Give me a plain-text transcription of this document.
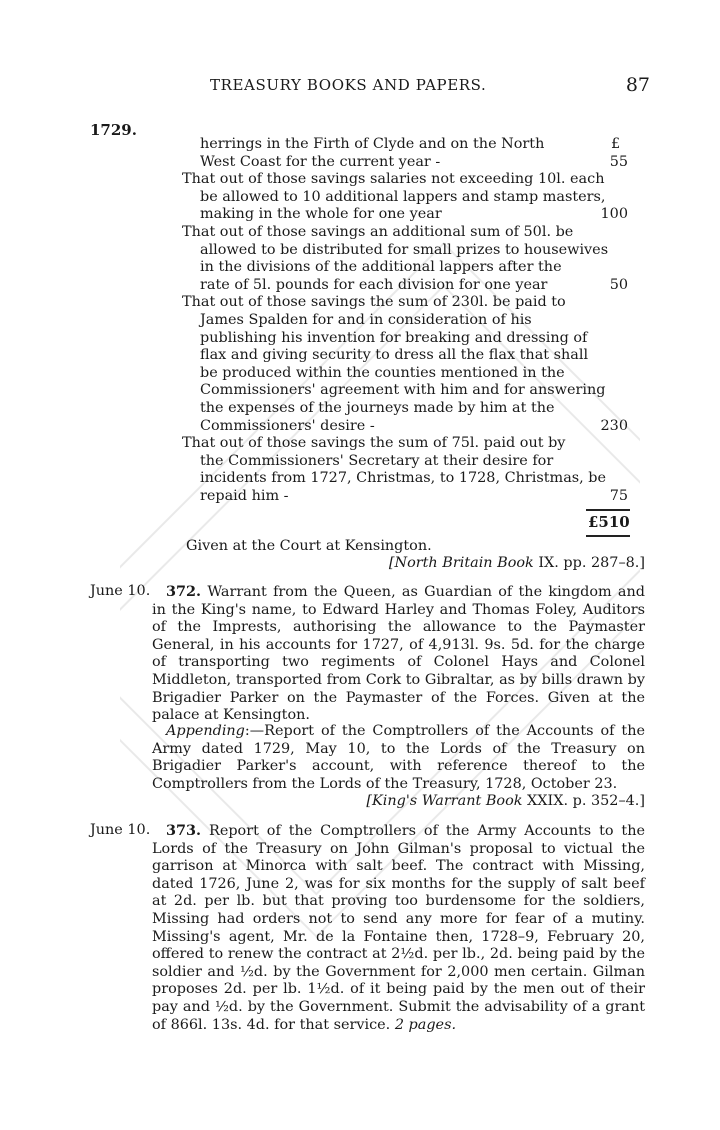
TREASURY BOOKS AND PAPERS.	87
1729.
herrings in the Firth of Clyde and on the North
West Coast for the current year -	55
That out of those savings salaries not exceeding 10l. each
be allowed to 10 additional lappers and stamp masters,
making in the whole for one year	100
That out of those savings an additional sum of 50l. be
allowed to be distributed for small prizes to housewives
in the divisions of the additional lappers after the
rate of 5l. pounds for each division for one year	50
That out of those savings the sum of 230l. be paid to
James Spalden for and in consideration of his
publishing his invention for breaking and dressing of
flax and giving security to dress all the flax that shall
be produced within the counties mentioned in the
Commissioners' agreement with him and for answering
the expenses of the journeys made by him at the
Commissioners' desire -	230
That out of those savings the sum of 75l. paid out by
the Commissioners' Secretary at their desire for
incidents from 1727, Christmas, to 1728, Christmas, be
repaid him -	75
£
£510
Given at the Court at Kensington.
[North Britain Book IX. pp. 287–8.]
June 10.	372. Warrant from the Queen, as Guardian of the kingdom and in the King's name, to Edward Harley and Thomas Foley, Auditors of the Imprests, authorising the allowance to the Paymaster General, in his accounts for 1727, of 4,913l. 9s. 5d. for the charge of transporting two regiments of Colonel Hays and Colonel Middleton, transported from Cork to Gibraltar, as by bills drawn by Brigadier Parker on the Paymaster of the Forces. Given at the palace at Kensington.
Appending:—Report of the Comptrollers of the Accounts of the Army dated 1729, May 10, to the Lords of the Treasury on Brigadier Parker's account, with reference thereof to the Comptrollers from the Lords of the Treasury, 1728, October 23.
[King's Warrant Book XXIX. p. 352–4.]
June 10.	373. Report of the Comptrollers of the Army Accounts to the Lords of the Treasury on John Gilman's proposal to victual the garrison at Minorca with salt beef. The contract with Missing, dated 1726, June 2, was for six months for the supply of salt beef at 2d. per lb. but that proving too burdensome for the soldiers, Missing had orders not to send any more for fear of a mutiny. Missing's agent, Mr. de la Fontaine then, 1728–9, February 20, offered to renew the contract at 2½d. per lb., 2d. being paid by the soldier and ½d. by the Government for 2,000 men certain. Gilman proposes 2d. per lb. 1½d. of it being paid by the men out of their pay and ½d. by the Government. Submit the advisability of a grant of 866l. 13s. 4d. for that service. 2 pages.
